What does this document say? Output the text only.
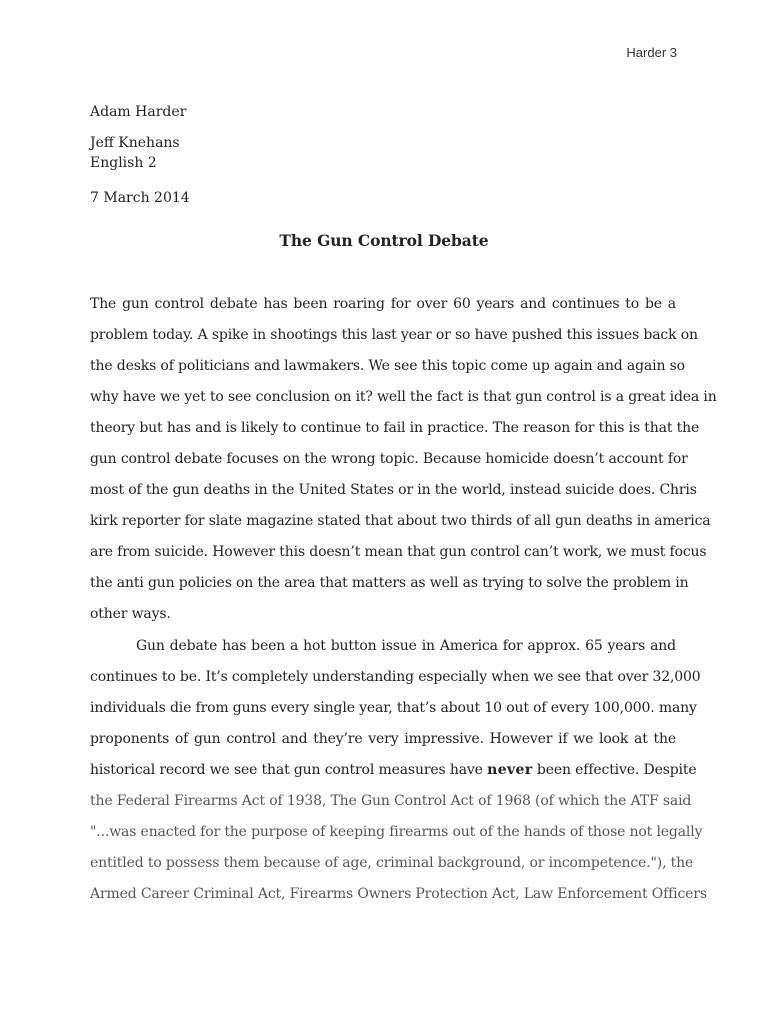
Harder 3
Adam Harder
Jeff Knehans
English 2
7 March 2014
The Gun Control Debate
The gun control debate has been roaring for over 60 years and continues to be a
problem today. A spike in shootings this last year or so have pushed this issues back on
the desks of politicians and lawmakers. We see this topic come up again and again so
why have we yet to see conclusion on it? well the fact is that gun control is a great idea in
theory but has and is likely to continue to fail in practice. The reason for this is that the
gun control debate focuses on the wrong topic. Because homicide doesn’t account for
most of the gun deaths in the United States or in the world, instead suicide does. Chris
kirk reporter for slate magazine stated that about two thirds of all gun deaths in america
are from suicide. However this doesn’t mean that gun control can’t work, we must focus
the anti gun policies on the area that matters as well as trying to solve the problem in
other ways.
Gun debate has been a hot button issue in America for approx. 65 years and
continues to be. It’s completely understanding especially when we see that over 32,000
individuals die from guns every single year, that’s about 10 out of every 100,000. many
proponents of gun control and they’re very impressive. However if we look at the
historical record we see that gun control measures have never been effective. Despite
the Federal Firearms Act of 1938, The Gun Control Act of 1968 (of which the ATF said
"...was enacted for the purpose of keeping firearms out of the hands of those not legally
entitled to possess them because of age, criminal background, or incompetence."), the
Armed Career Criminal Act, Firearms Owners Protection Act, Law Enforcement Officers
